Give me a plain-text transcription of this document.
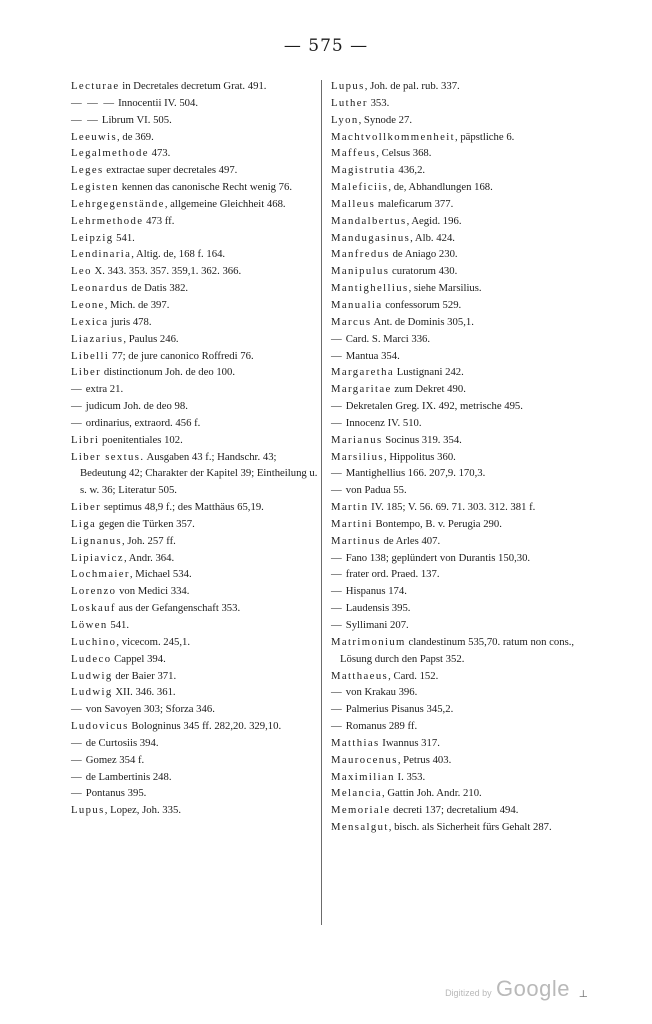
— 575 —

Lecturae in Decretales decretum Grat. 491.

— — — Innocentii IV. 504.

— — Librum VI. 505.

Leeuwis, de 369.

Legalmethode 473.

Leges extractae super decretales 497.

Legisten kennen das canonische Recht wenig 76.

Lehrgegenstände, allgemeine Gleichheit 468.

Lehrmethode 473 ff.

Leipzig 541.

Lendinaria, Altig. de, 168 f. 164.

Leo X. 343. 353. 357. 359,1. 362. 366.

Leonardus de Datis 382.

Leone, Mich. de 397.

Lexica juris 478.

Liazarius, Paulus 246.

Libelli 77; de jure canonico Roffredi 76.

Liber distinctionum Joh. de deo 100.

— extra 21.

— judicum Joh. de deo 98.

— ordinarius, extraord. 456 f.

Libri poenitentiales 102.

Liber sextus. Ausgaben 43 f.; Handschr. 43; Bedeutung 42; Charakter der Kapitel 39; Eintheilung u. s. w. 36; Literatur 505.

Liber septimus 48,9 f.; des Matthäus 65,19.

Liga gegen die Türken 357.

Lignanus, Joh. 257 ff.

Lipiavicz, Andr. 364.

Lochmaier, Michael 534.

Lorenzo von Medici 334.

Loskauf aus der Gefangenschaft 353.

Löwen 541.

Luchino, vicecom. 245,1.

Ludeco Cappel 394.

Ludwig der Baier 371.

Ludwig XII. 346. 361.

— von Savoyen 303; Sforza 346.

Ludovicus Bologninus 345 ff. 282,20. 329,10.

— de Curtosiis 394.

— Gomez 354 f.

— de Lambertinis 248.

— Pontanus 395.

Lupus, Lopez, Joh. 335.

Lupus, Joh. de pal. rub. 337.

Luther 353.

Lyon, Synode 27.

Machtvollkommenheit, päpstliche 6.

Maffeus, Celsus 368.

Magistrutia 436,2.

Maleficiis, de, Abhandlungen 168.

Malleus maleficarum 377.

Mandalbertus, Aegid. 196.

Mandugasinus, Alb. 424.

Manfredus de Aniago 230.

Manipulus curatorum 430.

Mantighellius, siehe Marsilius.

Manualia confessorum 529.

Marcus Ant. de Dominis 305,1.

— Card. S. Marci 336.

— Mantua 354.

Margaretha Lustignani 242.

Margaritae zum Dekret 490.

— Dekretalen Greg. IX. 492, metrische 495.

— Innocenz IV. 510.

Marianus Socinus 319. 354.

Marsilius, Hippolitus 360.

— Mantighellius 166. 207,9. 170,3.

— von Padua 55.

Martin IV. 185; V. 56. 69. 71. 303. 312. 381 f.

Martini Bontempo, B. v. Perugia 290.

Martinus de Arles 407.

— Fano 138; geplündert von Durantis 150,30.

— frater ord. Praed. 137.

— Hispanus 174.

— Laudensis 395.

— Syllimani 207.

Matrimonium clandestinum 535,70. ratum non cons., Lösung durch den Papst 352.

Matthaeus, Card. 152.

— von Krakau 396.

— Palmerius Pisanus 345,2.

— Romanus 289 ff.

Matthias Iwannus 317.

Maurocenus, Petrus 403.

Maximilian I. 353.

Melancia, Gattin Joh. Andr. 210.

Memoriale decreti 137; decretalium 494.

Mensalgut, bisch. als Sicherheit fürs Gehalt 287.

Digitized by Google ⊥
